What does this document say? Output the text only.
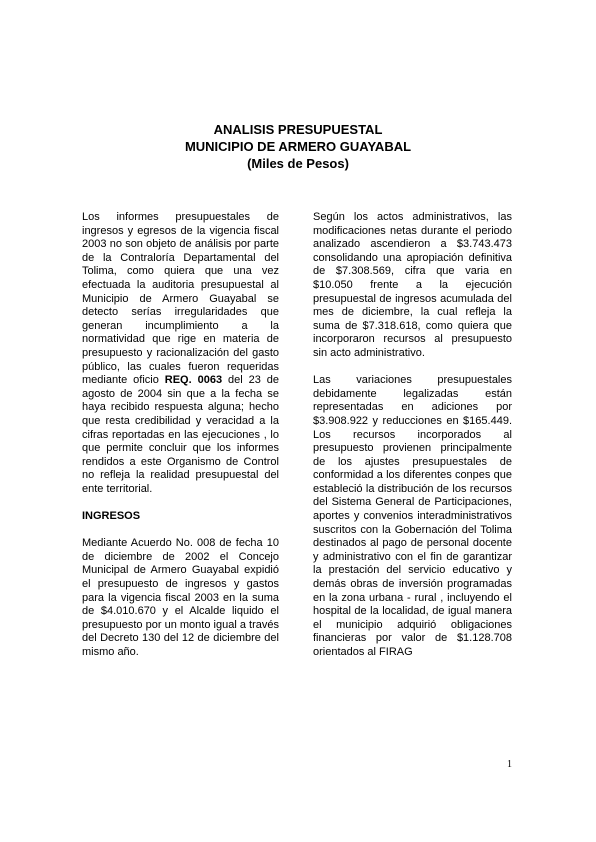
ANALISIS PRESUPUESTAL
MUNICIPIO DE ARMERO GUAYABAL
(Miles de Pesos)

Los informes presupuestales de ingresos y egresos de la vigencia fiscal 2003 no son objeto de análisis por parte de la Contraloría Departamental del Tolima, como quiera que una vez efectuada la auditoria presupuestal al Municipio de Armero Guayabal se detecto serías irregularidades que generan incumplimiento a la normatividad que rige en materia de presupuesto y racionalización del gasto público, las cuales fueron requeridas mediante oficio REQ. 0063 del 23 de agosto de 2004 sin que a la fecha se haya recibido respuesta alguna; hecho que resta credibilidad y veracidad a la cifras reportadas en las ejecuciones , lo que permite concluir que los informes rendidos a este Organismo de Control no refleja la realidad presupuestal del ente territorial.

INGRESOS

Mediante Acuerdo No. 008 de fecha 10 de diciembre de 2002 el Concejo Municipal de Armero Guayabal expidió el presupuesto de ingresos y gastos para la vigencia fiscal 2003 en la suma de $4.010.670 y el Alcalde liquido el presupuesto por un monto igual a través del Decreto 130 del 12 de diciembre del mismo año.

Según los actos administrativos, las modificaciones netas durante el periodo analizado ascendieron a $3.743.473 consolidando una apropiación definitiva de $7.308.569, cifra que varia en $10.050 frente a la ejecución presupuestal de ingresos acumulada del mes de diciembre, la cual refleja la suma de $7.318.618, como quiera que incorporaron recursos al presupuesto sin acto administrativo.

Las variaciones presupuestales debidamente legalizadas están representadas en adiciones por $3.908.922 y reducciones en $165.449. Los recursos incorporados al presupuesto provienen principalmente de los ajustes presupuestales de conformidad a los diferentes conpes que estableció la distribución de los recursos del Sistema General de Participaciones, aportes y convenios interadministrativos suscritos con la Gobernación del Tolima destinados al pago de personal docente y administrativo con el fin de garantizar la prestación del servicio educativo y demás obras de inversión programadas en la zona urbana - rural , incluyendo el hospital de la localidad, de igual manera el municipio adquirió obligaciones financieras por valor de $1.128.708 orientados al FIRAG

1
